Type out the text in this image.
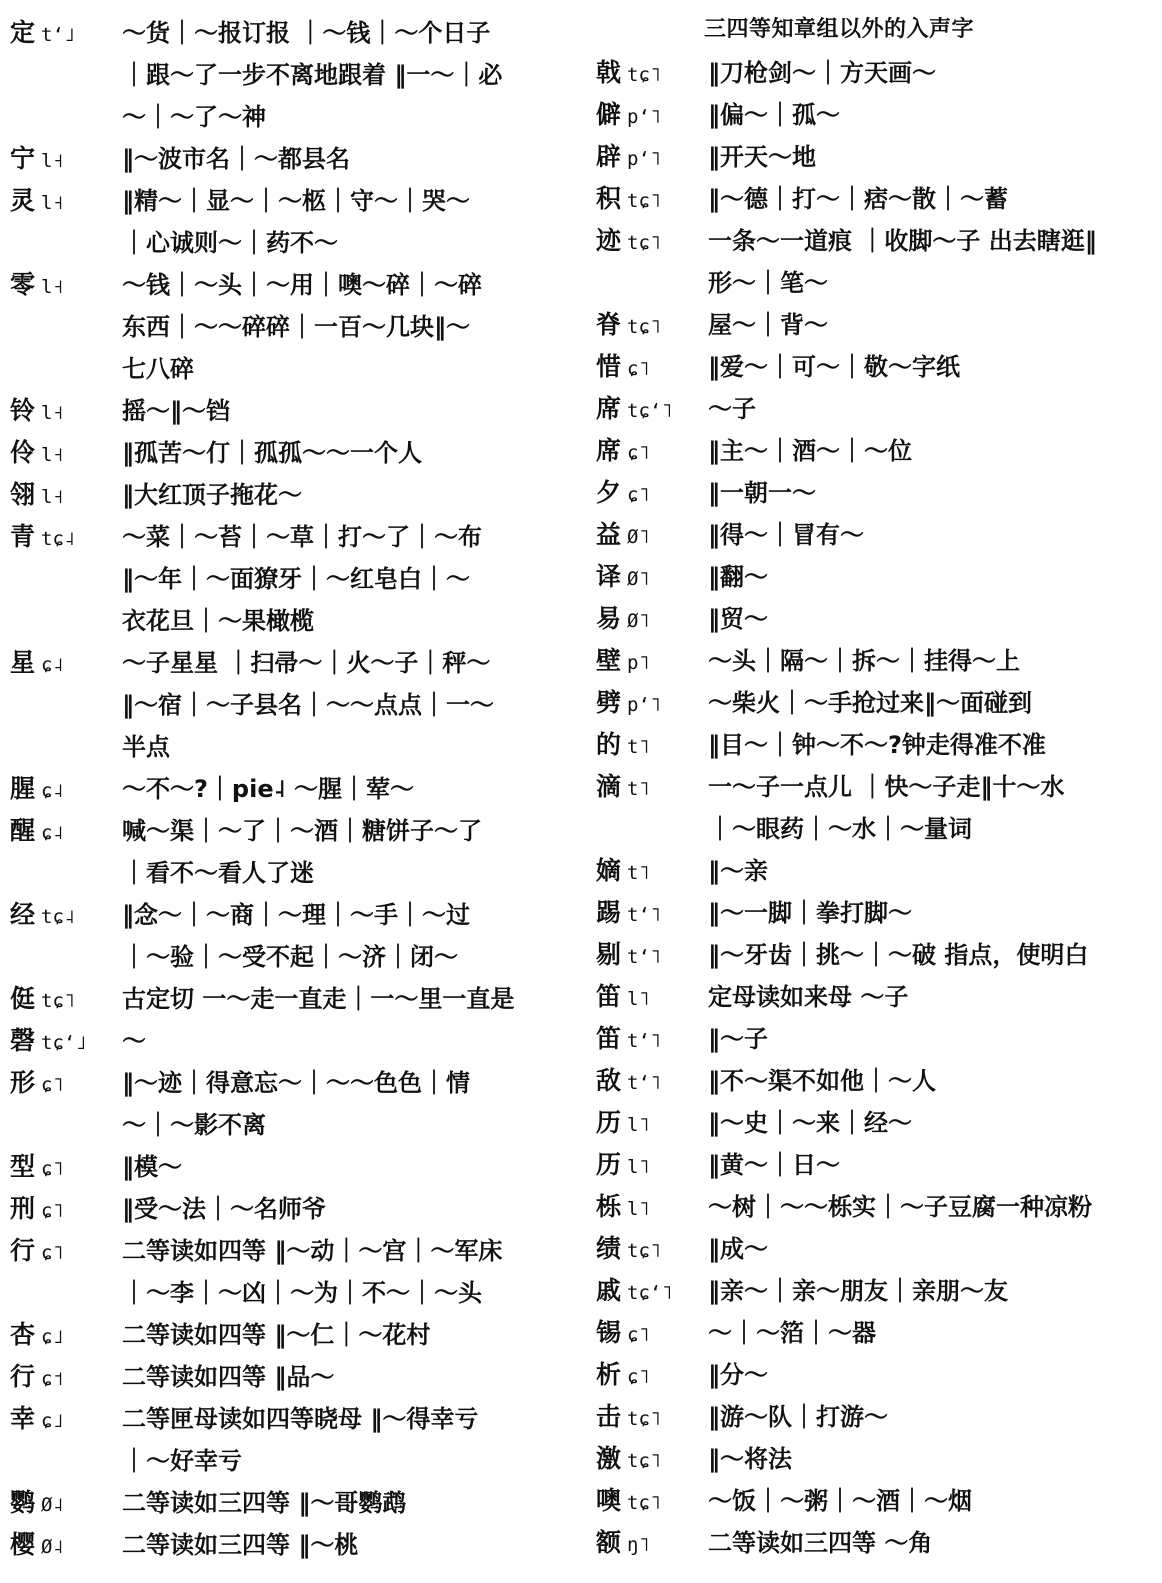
定 t‘˩	～货｜～报订报 ｜～钱｜～个日子
｜跟～了一步不离地跟着 ‖一～｜必
～｜～了～神
宁 l˧	‖～波市名｜～都县名
灵 l˧	‖精～｜显～｜～柩｜守～｜哭～
｜心诚则～｜药不～
零 l˧	～钱｜～头｜～用｜噢～碎｜～碎
东西｜～～碎碎｜一百～几块‖～
七八碎
铃 l˧	摇～‖～铛
伶 l˧	‖孤苦～仃｜孤孤～～一个人
翎 l˧	‖大红顶子拖花～
青 tɕ˨	～菜｜～苔｜～草｜打～了｜～布
‖～年｜～面獠牙｜～红皂白｜～
衣花旦｜～果橄榄
星 ɕ˨	～子星星 ｜扫帚～｜火～子｜秤～
‖～宿｜～子县名｜～～点点｜一～
半点
腥 ɕ˨	～不～?｜pie˨ ～腥｜荤～
醒 ɕ˨	喊～渠｜～了｜～酒｜糖饼子～了
｜看不～看人了迷
经 tɕ˨	‖念～｜～商｜～理｜～手｜～过
｜～验｜～受不起｜～济｜闭～
侹 tɕ˥	古定切 一～走一直走｜一～里一直是
磬 tɕ‘˩	～
形 ɕ˥	‖～迹｜得意忘～｜～～色色｜情
～｜～影不离
型 ɕ˥	‖模～
刑 ɕ˥	‖受～法｜～名师爷
行 ɕ˥	二等读如四等 ‖～动｜～宫｜～军床
｜～李｜～凶｜～为｜不～｜～头
杏 ɕ˩	二等读如四等 ‖～仁｜～花村
行 ɕ˦	二等读如四等 ‖品～
幸 ɕ˩	二等匣母读如四等晓母 ‖～得幸亏
｜～好幸亏
鹦 Ø˨	二等读如三四等 ‖～哥鹦鹉
樱 Ø˨	二等读如三四等 ‖～桃
三四等知章组以外的入声字
戟 tɕ˥	‖刀枪剑～｜方天画～
僻 p‘˥	‖偏～｜孤～
辟 p‘˥	‖开天～地
积 tɕ˥	‖～德｜打～｜痞～散｜～蓄
迹 tɕ˥	一条～一道痕 ｜收脚～子 出去瞎逛‖
形～｜笔～
脊 tɕ˥	屋～｜背～
惜 ɕ˥	‖爱～｜可～｜敬～字纸
席 tɕ‘˥	～子
席 ɕ˥	‖主～｜酒～｜～位
夕 ɕ˥	‖一朝一～
益 Ø˥	‖得～｜冒有～
译 Ø˥	‖翻～
易 Ø˥	‖贸～
壁 p˥	～头｜隔～｜拆～｜挂得～上
劈 p‘˥	～柴火｜～手抢过来‖～面碰到
的 t˥	‖目～｜钟～不～?钟走得准不准
滴 t˥	一～子一点儿 ｜快～子走‖十～水
｜～眼药｜～水｜～量词
嫡 t˥	‖～亲
踢 t‘˥	‖～一脚｜拳打脚～
剔 t‘˥	‖～牙齿｜挑～｜～破 指点，使明白
笛 l˥	定母读如来母 ～子
笛 t‘˥	‖～子
敌 t‘˥	‖不～渠不如他｜～人
历 l˥	‖～史｜～来｜经～
历 l˥	‖黄～｜日～
栎 l˥	～树｜～～栎实｜～子豆腐一种凉粉
绩 tɕ˥	‖成～
戚 tɕ‘˥	‖亲～｜亲～朋友｜亲朋～友
锡 ɕ˥	～｜～箔｜～器
析 ɕ˥	‖分～
击 tɕ˥	‖游～队｜打游～
激 tɕ˥	‖～将法
噢 tɕ˥	～饭｜～粥｜～酒｜～烟
额 ŋ˥	二等读如三四等 ～角
